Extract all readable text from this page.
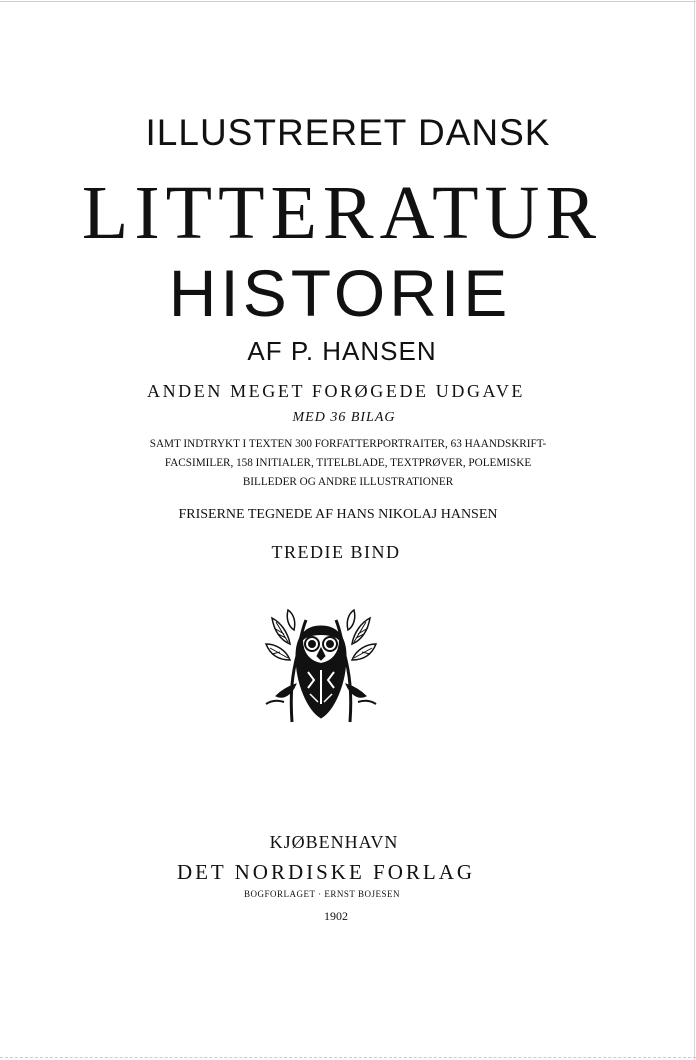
ILLUSTRERET DANSK
LITTERATUR
HISTORIE
AF P. HANSEN
ANDEN MEGET FORØGEDE UDGAVE
MED 36 BILAG
SAMT INDTRYKT I TEXTEN 300 FORFATTERPORTRAITER, 63 HAANDSKRIFT-
FACSIMILER, 158 INITIALER, TITELBLADE, TEXTPRØVER, POLEMISKE
BILLEDER OG ANDRE ILLUSTRATIONER
FRISERNE TEGNEDE AF HANS NIKOLAJ HANSEN
TREDIE BIND
KJØBENHAVN
DET NORDISKE FORLAG
BOGFORLAGET · ERNST BOJESEN
1902
